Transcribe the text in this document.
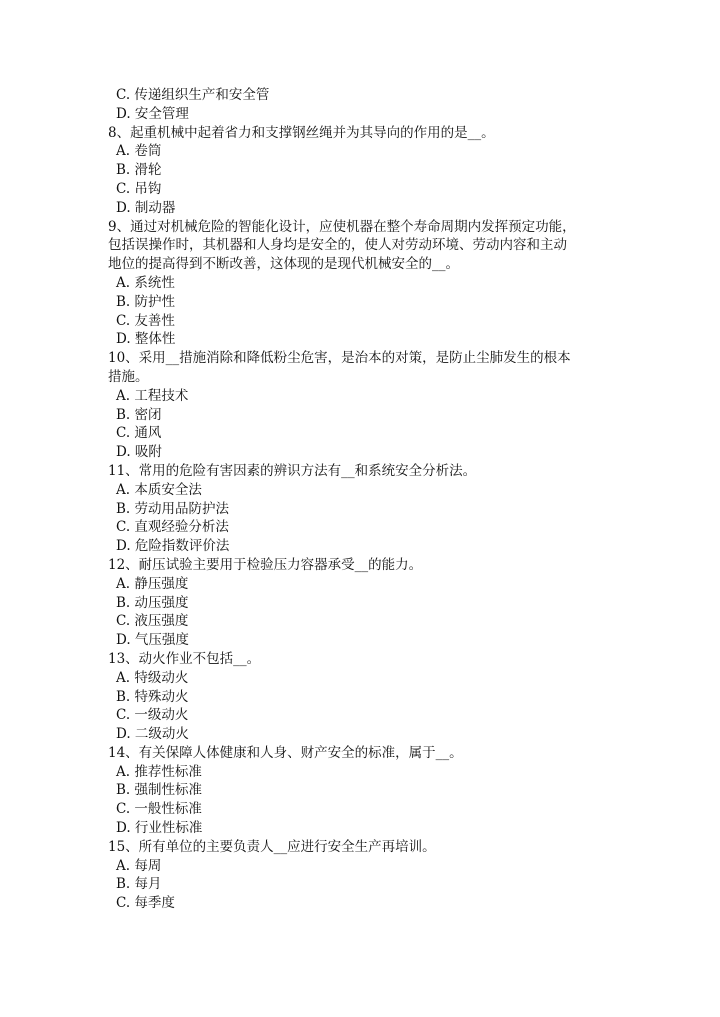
C. 传递组织生产和安全管
D. 安全管理
8、起重机械中起着省力和支撑钢丝绳并为其导向的作用的是__。
A. 卷筒
B. 滑轮
C. 吊钩
D. 制动器
9、通过对机械危险的智能化设计，应使机器在整个寿命周期内发挥预定功能，
包括误操作时，其机器和人身均是安全的，使人对劳动环境、劳动内容和主动
地位的提高得到不断改善，这体现的是现代机械安全的__。
A. 系统性
B. 防护性
C. 友善性
D. 整体性
10、采用__措施消除和降低粉尘危害，是治本的对策，是防止尘肺发生的根本
措施。
A. 工程技术
B. 密闭
C. 通风
D. 吸附
11、常用的危险有害因素的辨识方法有__和系统安全分析法。
A. 本质安全法
B. 劳动用品防护法
C. 直观经验分析法
D. 危险指数评价法
12、耐压试验主要用于检验压力容器承受__的能力。
A. 静压强度
B. 动压强度
C. 液压强度
D. 气压强度
13、动火作业不包括__。
A. 特级动火
B. 特殊动火
C. 一级动火
D. 二级动火
14、有关保障人体健康和人身、财产安全的标准，属于__。
A. 推荐性标准
B. 强制性标准
C. 一般性标准
D. 行业性标准
15、所有单位的主要负责人__应进行安全生产再培训。
A. 每周
B. 每月
C. 每季度
